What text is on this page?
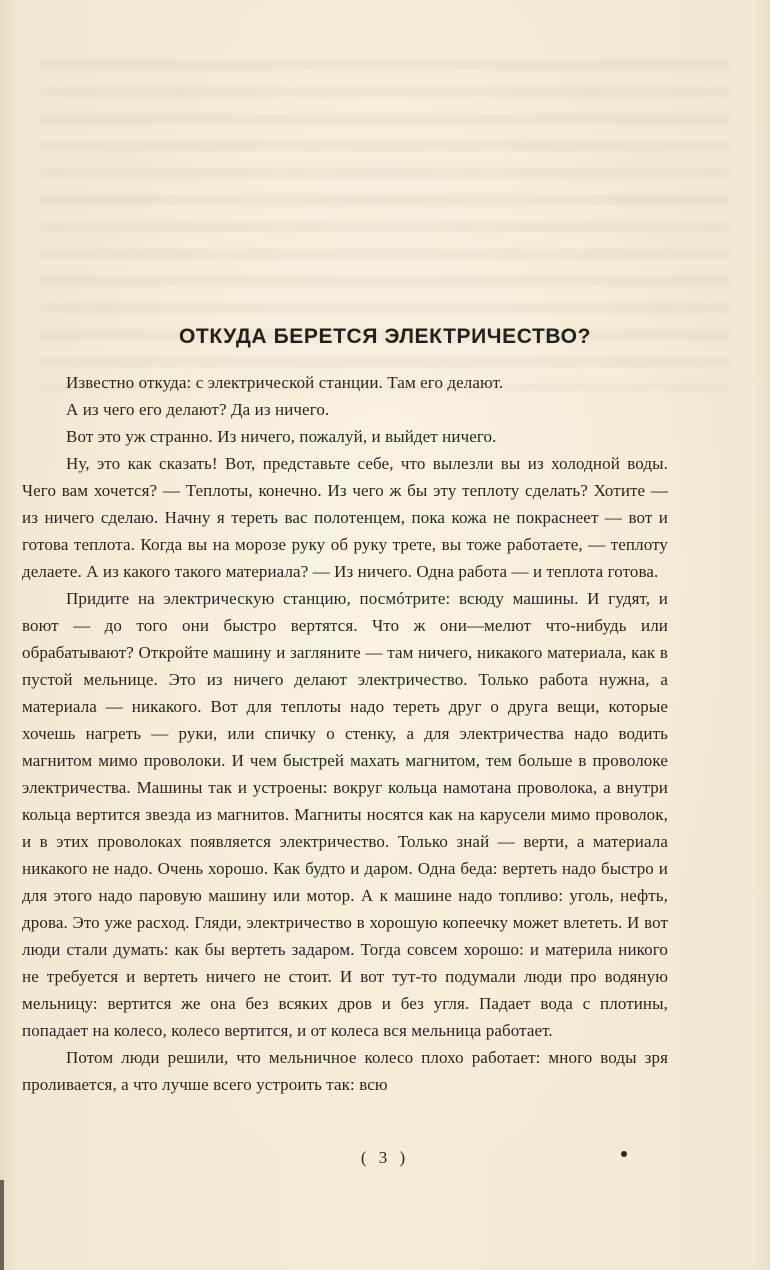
ОТКУДА БЕРЕТСЯ ЭЛЕКТРИЧЕСТВО?

Известно откуда: с электрической станции. Там его делают.

А из чего его делают? Да из ничего.

Вот это уж странно. Из ничего, пожалуй, и выйдет ничего.

Ну, это как сказать! Вот, представьте себе, что вылезли вы из холодной воды. Чего вам хочется? — Теплоты, конечно. Из чего ж бы эту теплоту сделать? Хотите — из ничего сделаю. Начну я тереть вас полотенцем, пока кожа не покраснеет — вот и готова теплота. Когда вы на морозе руку об руку трете, вы тоже работаете, — теплоту делаете. А из какого такого материала? — Из ничего. Одна работа — и теплота готова.

Придите на электрическую станцию, посмóтрите: всюду машины. И гудят, и воют — до того они быстро вертятся. Что ж они—мелют что-нибудь или обрабатывают? Откройте машину и загляните — там ничего, никакого материала, как в пустой мельнице. Это из ничего делают электричество. Только работа нужна, а материала — никакого. Вот для теплоты надо тереть друг о друга вещи, которые хочешь нагреть — руки, или спичку о стенку, а для электричества надо водить магнитом мимо проволоки. И чем быстрей махать магнитом, тем больше в проволоке электричества. Машины так и устроены: вокруг кольца намотана проволока, а внутри кольца вертится звезда из магнитов. Магниты носятся как на карусели мимо проволок, и в этих проволоках появляется электричество. Только знай — верти, а материала никакого не надо. Очень хорошо. Как будто и даром. Одна беда: вертеть надо быстро и для этого надо паровую машину или мотор. А к машине надо топливо: уголь, нефть, дрова. Это уже расход. Гляди, электричество в хорошую копеечку может влететь. И вот люди стали думать: как бы вертеть задаром. Тогда совсем хорошо: и материла никого не требуется и вертеть ничего не стоит. И вот тут-то подумали люди про водяную мельницу: вертится же она без всяких дров и без угля. Падает вода с плотины, попадает на колесо, колесо вертится, и от колеса вся мельница работает.

Потом люди решили, что мельничное колесо плохо работает: много воды зря проливается, а что лучше всего устроить так: всю

( 3 )
